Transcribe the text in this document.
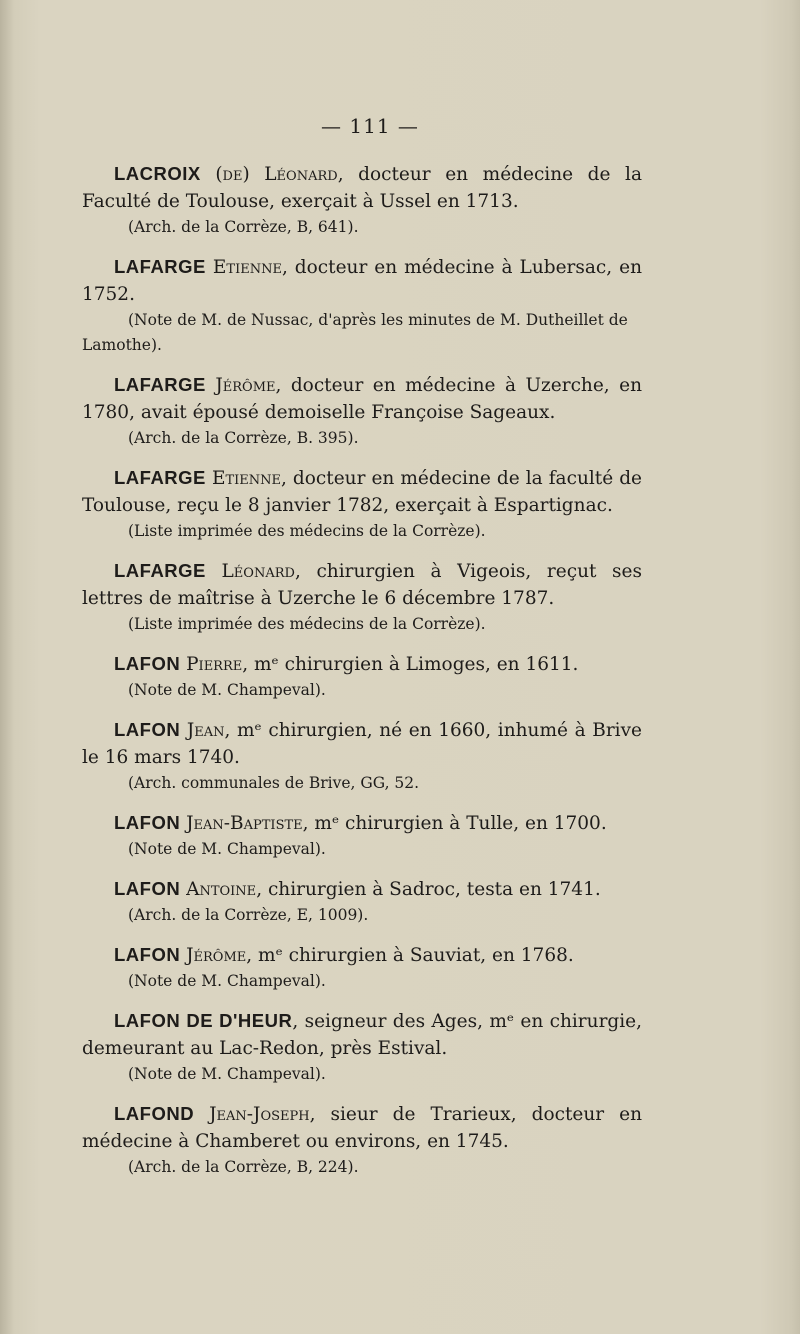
— 111 —

LACROIX (de) Léonard, docteur en médecine de la Faculté de Toulouse, exerçait à Ussel en 1713.

(Arch. de la Corrèze, B, 641).

LAFARGE Etienne, docteur en médecine à Lubersac, en 1752.

(Note de M. de Nussac, d'après les minutes de M. Dutheillet de Lamothe).

LAFARGE Jérôme, docteur en médecine à Uzerche, en 1780, avait épousé demoiselle Françoise Sageaux.

(Arch. de la Corrèze, B. 395).

LAFARGE Etienne, docteur en médecine de la faculté de Toulouse, reçu le 8 janvier 1782, exerçait à Espartignac.

(Liste imprimée des médecins de la Corrèze).

LAFARGE Léonard, chirurgien à Vigeois, reçut ses lettres de maîtrise à Uzerche le 6 décembre 1787.

(Liste imprimée des médecins de la Corrèze).

LAFON Pierre, mᵉ chirurgien à Limoges, en 1611.

(Note de M. Champeval).

LAFON Jean, mᵉ chirurgien, né en 1660, inhumé à Brive le 16 mars 1740.

(Arch. communales de Brive, GG, 52.

LAFON Jean-Baptiste, mᵉ chirurgien à Tulle, en 1700.

(Note de M. Champeval).

LAFON Antoine, chirurgien à Sadroc, testa en 1741.

(Arch. de la Corrèze, E, 1009).

LAFON Jérôme, mᵉ chirurgien à Sauviat, en 1768.

(Note de M. Champeval).

LAFON DE D'HEUR, seigneur des Ages, mᵉ en chirurgie, demeurant au Lac-Redon, près Estival.

(Note de M. Champeval).

LAFOND Jean-Joseph, sieur de Trarieux, docteur en médecine à Chamberet ou environs, en 1745.

(Arch. de la Corrèze, B, 224).
